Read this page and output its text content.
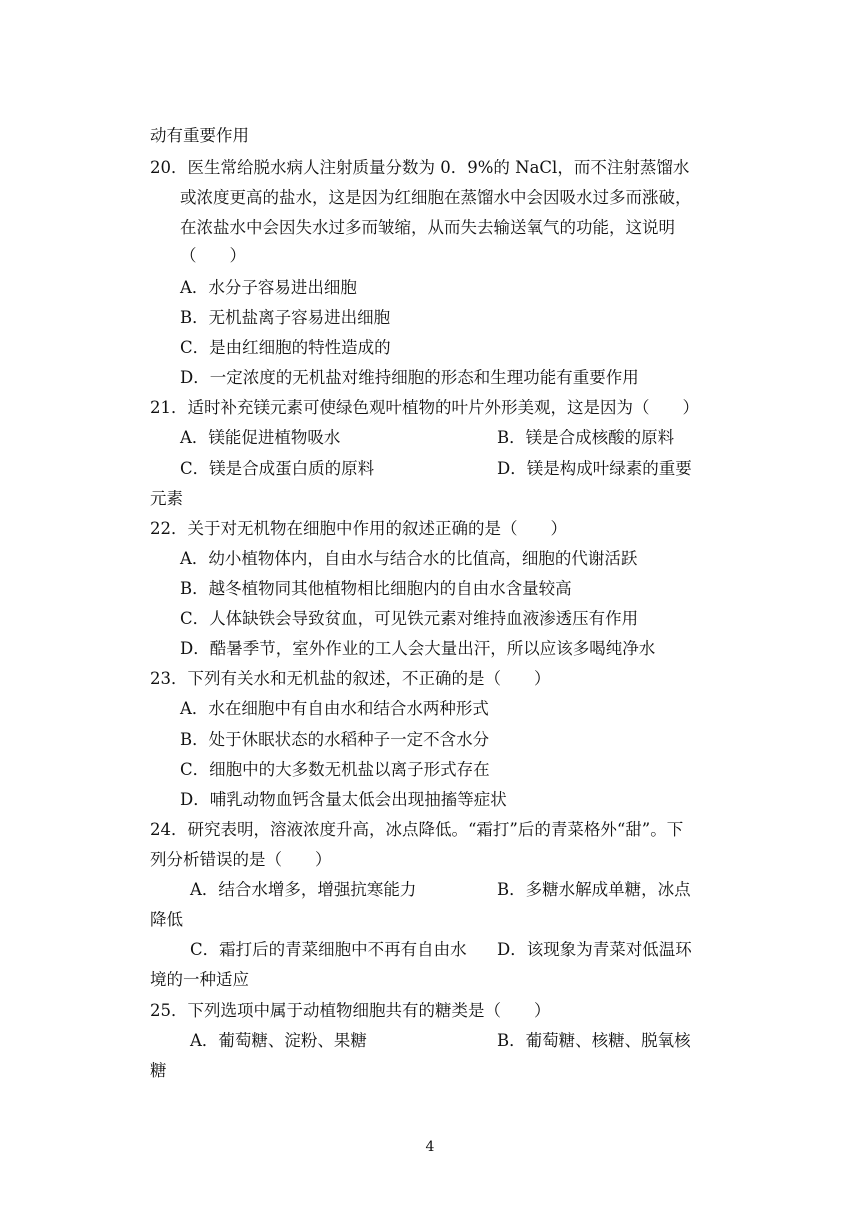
动有重要作用
20．医生常给脱水病人注射质量分数为 0．9%的 NaCl，而不注射蒸馏水
或浓度更高的盐水，这是因为红细胞在蒸馏水中会因吸水过多而涨破，
在浓盐水中会因失水过多而皱缩，从而失去输送氧气的功能，这说明
（　　）
A．水分子容易进出细胞
B．无机盐离子容易进出细胞
C．是由红细胞的特性造成的
D．一定浓度的无机盐对维持细胞的形态和生理功能有重要作用
21．适时补充镁元素可使绿色观叶植物的叶片外形美观，这是因为（　　）
A．镁能促进植物吸水	B．镁是合成核酸的原料
C．镁是合成蛋白质的原料	D．镁是构成叶绿素的重要
元素
22．关于对无机物在细胞中作用的叙述正确的是（　　）
A．幼小植物体内，自由水与结合水的比值高，细胞的代谢活跃
B．越冬植物同其他植物相比细胞内的自由水含量较高
C．人体缺铁会导致贫血，可见铁元素对维持血液渗透压有作用
D．酷暑季节，室外作业的工人会大量出汗，所以应该多喝纯净水
23．下列有关水和无机盐的叙述，不正确的是（　　）
A．水在细胞中有自由水和结合水两种形式
B．处于休眠状态的水稻种子一定不含水分
C．细胞中的大多数无机盐以离子形式存在
D．哺乳动物血钙含量太低会出现抽搐等症状
24．研究表明，溶液浓度升高，冰点降低。“霜打”后的青菜格外“甜”。下
列分析错误的是（　　）
A．结合水增多，增强抗寒能力	B．多糖水解成单糖，冰点
降低
C．霜打后的青菜细胞中不再有自由水 D．该现象为青菜对低温环
境的一种适应
25．下列选项中属于动植物细胞共有的糖类是（　　）
A．葡萄糖、淀粉、果糖	B．葡萄糖、核糖、脱氧核
糖
4
